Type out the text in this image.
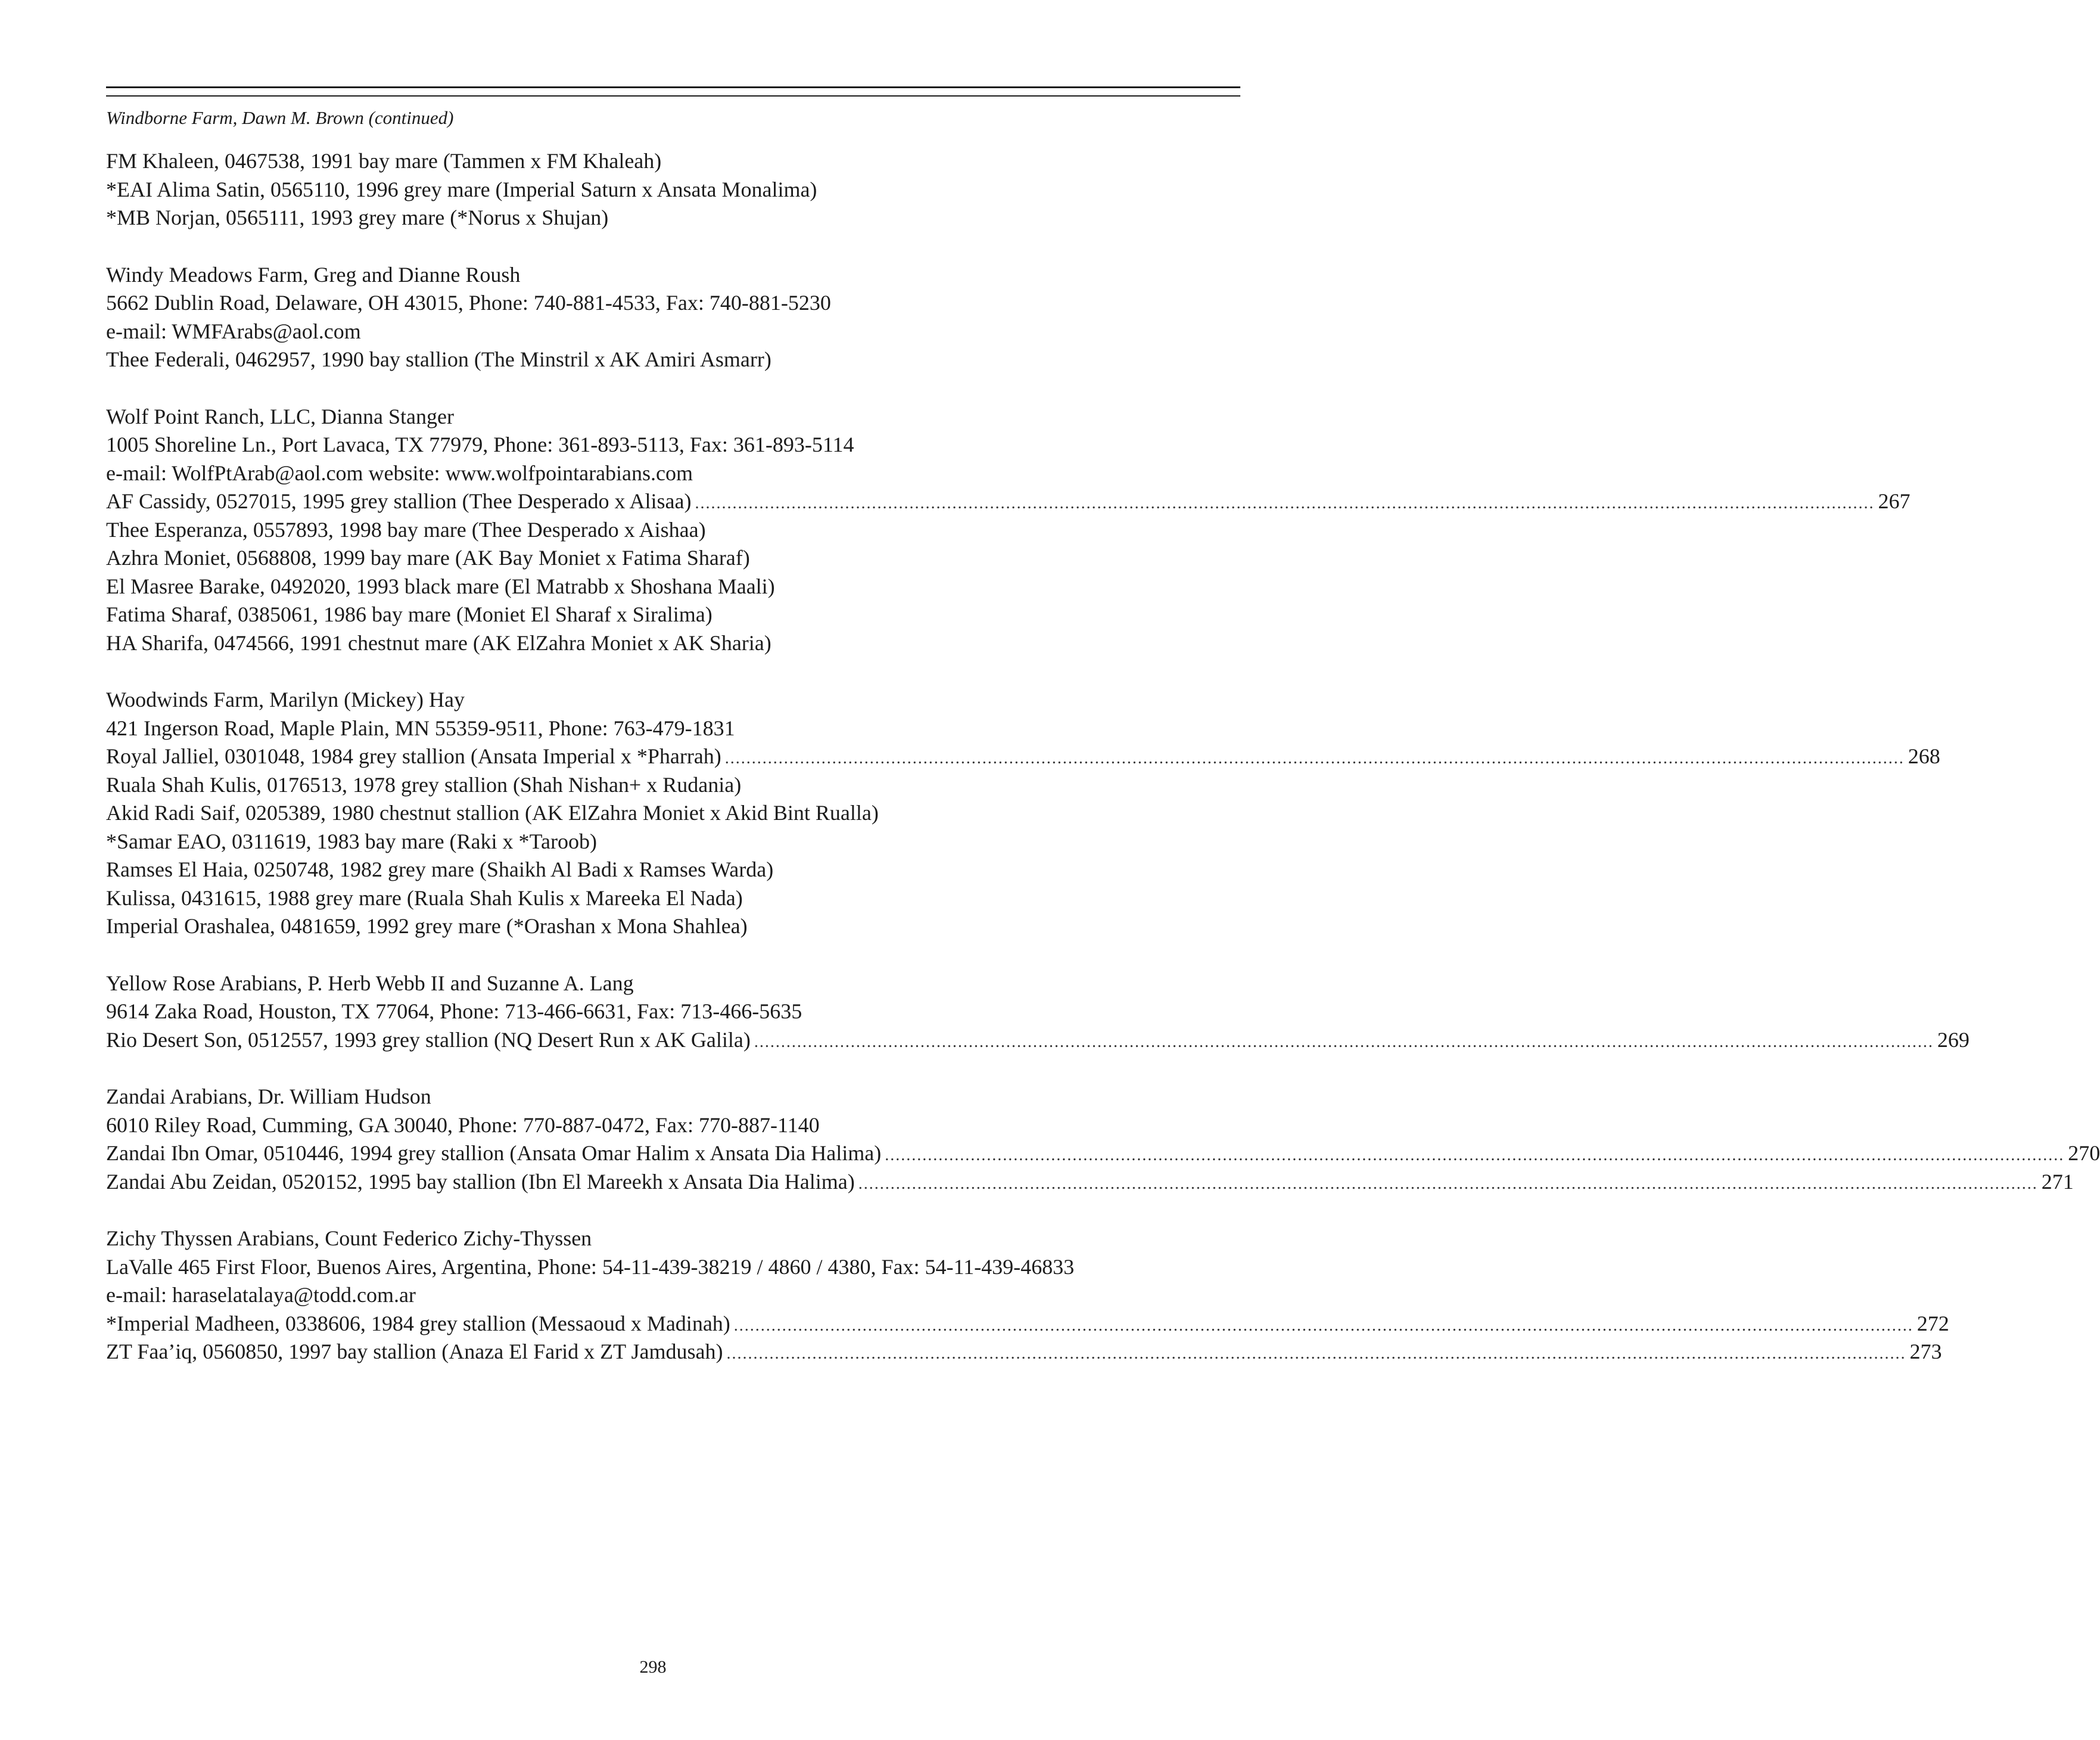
Windborne Farm, Dawn M. Brown (continued)
FM Khaleen, 0467538, 1991 bay mare (Tammen x FM Khaleah)
*EAI Alima Satin, 0565110, 1996 grey mare (Imperial Saturn x Ansata Monalima)
*MB Norjan, 0565111, 1993 grey mare (*Norus x Shujan)
Windy Meadows Farm, Greg and Dianne Roush
5662 Dublin Road, Delaware, OH 43015, Phone: 740-881-4533, Fax: 740-881-5230
e-mail: WMFArabs@aol.com
Thee Federali, 0462957, 1990 bay stallion (The Minstril x AK Amiri Asmarr)
Wolf Point Ranch, LLC, Dianna Stanger
1005 Shoreline Ln., Port Lavaca, TX 77979, Phone: 361-893-5113, Fax: 361-893-5114
e-mail: WolfPtArab@aol.com website: www.wolfpointarabians.com
AF Cassidy, 0527015, 1995 grey stallion (Thee Desperado x Alisaa) ............................................................................................................................................................................................................................ 267
Thee Esperanza, 0557893, 1998 bay mare (Thee Desperado x Aishaa)
Azhra Moniet, 0568808, 1999 bay mare (AK Bay Moniet x Fatima Sharaf)
El Masree Barake, 0492020, 1993 black mare (El Matrabb x Shoshana Maali)
Fatima Sharaf, 0385061, 1986 bay mare (Moniet El Sharaf x Siralima)
HA Sharifa, 0474566, 1991 chestnut mare (AK ElZahra Moniet x AK Sharia)
Woodwinds Farm, Marilyn (Mickey) Hay
421 Ingerson Road, Maple Plain, MN 55359-9511, Phone: 763-479-1831
Royal Jalliel, 0301048, 1984 grey stallion (Ansata Imperial x *Pharrah) ............................................................................................................................................................................................................................ 268
Ruala Shah Kulis, 0176513, 1978 grey stallion (Shah Nishan+ x Rudania)
Akid Radi Saif, 0205389, 1980 chestnut stallion (AK ElZahra Moniet x Akid Bint Rualla)
*Samar EAO, 0311619, 1983 bay mare (Raki x *Taroob)
Ramses El Haia, 0250748, 1982 grey mare (Shaikh Al Badi x Ramses Warda)
Kulissa, 0431615, 1988 grey mare (Ruala Shah Kulis x Mareeka El Nada)
Imperial Orashalea, 0481659, 1992 grey mare (*Orashan x Mona Shahlea)
Yellow Rose Arabians, P. Herb Webb II and Suzanne A. Lang
9614 Zaka Road, Houston, TX 77064, Phone: 713-466-6631, Fax: 713-466-5635
Rio Desert Son, 0512557, 1993 grey stallion (NQ Desert Run x AK Galila) ............................................................................................................................................................................................................................ 269
Zandai Arabians, Dr. William Hudson
6010 Riley Road, Cumming, GA 30040, Phone: 770-887-0472, Fax: 770-887-1140
Zandai Ibn Omar, 0510446, 1994 grey stallion (Ansata Omar Halim x Ansata Dia Halima) ............................................................................................................................................................................................................................ 270
Zandai Abu Zeidan, 0520152, 1995 bay stallion (Ibn El Mareekh x Ansata Dia Halima) ............................................................................................................................................................................................................................ 271
Zichy Thyssen Arabians, Count Federico Zichy-Thyssen
LaValle 465 First Floor, Buenos Aires, Argentina, Phone: 54-11-439-38219 / 4860 / 4380, Fax: 54-11-439-46833
e-mail: haraselatalaya@todd.com.ar
*Imperial Madheen, 0338606, 1984 grey stallion (Messaoud x Madinah) ............................................................................................................................................................................................................................ 272
ZT Faa’iq, 0560850, 1997 bay stallion (Anaza El Farid x ZT Jamdusah) ............................................................................................................................................................................................................................ 273
298
